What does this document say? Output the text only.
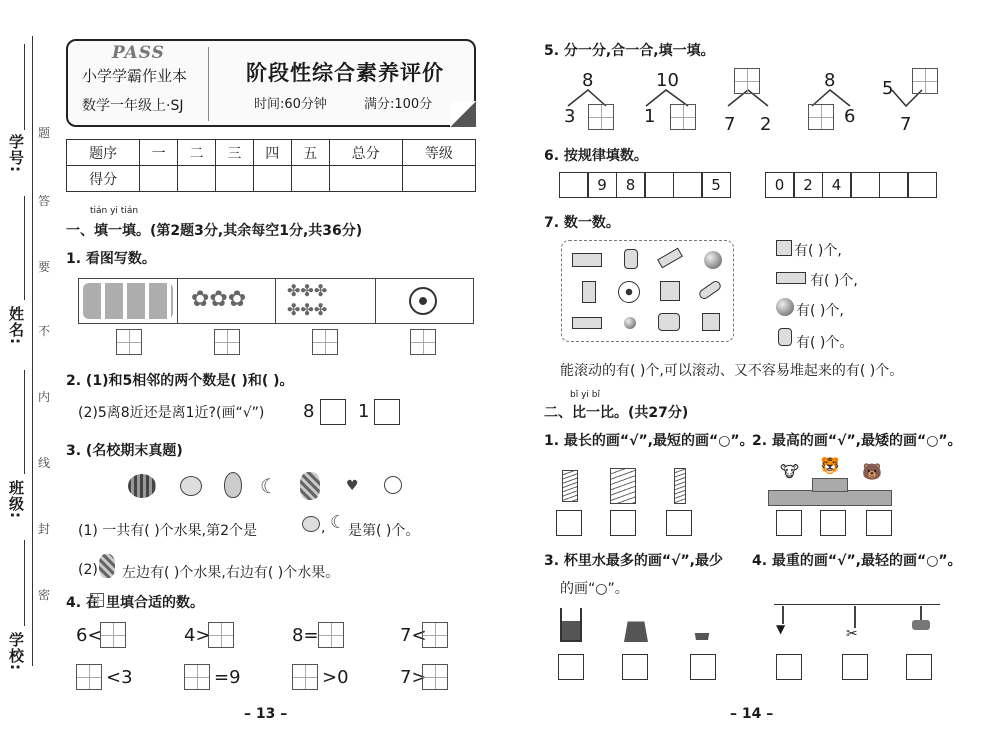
学号:
姓名:
班级:
学校:
题
答
要
不
内
线
封
密
PASS
小学学霸作业本
数学一年级上·SJ
阶段性综合素养评价
时间:60分钟	满分:100分
题序	一	二	三	四	五	总分	等级
得分							
tián yi tián
一、填一填。(第2题3分,其余每空1分,共36分)
1. 看图写数。
✿✿✿	✤✤✤
✤✤✤
2. (1)和5相邻的两个数是( )和( )。
(2)5离8近还是离1近?(画“√”) 8 1
3. (名校期末真题)
☾	♥
(1) 一共有( )个水果,第2个是	, ☾ 是第( )个。
(2) 左边有( )个水果,右边有( )个水果。
4. 在 里填合适的数。
6<	4>	8=	7<
<3	=9	>0	7>
– 13 –
5. 分一分,合一合,填一填。
8
3
10
1	7 2
8
6
5
7
6. 按规律填数。
9	8	5	0	2	4
7. 数一数。
有( )个,
有( )个,
有( )个,
有( )个。
能滚动的有( )个,可以滚动、又不容易堆起来的有( )个。
bǐ yi bǐ
二、比一比。(共27分)
1. 最长的画“√”,最短的画“○”。
2. 最高的画“√”,最矮的画“○”。
🐮 🐯 🐻
3. 杯里水最多的画“√”,最少
的画“○”。
4. 最重的画“√”,最轻的画“○”。
▼	✂
– 14 –
